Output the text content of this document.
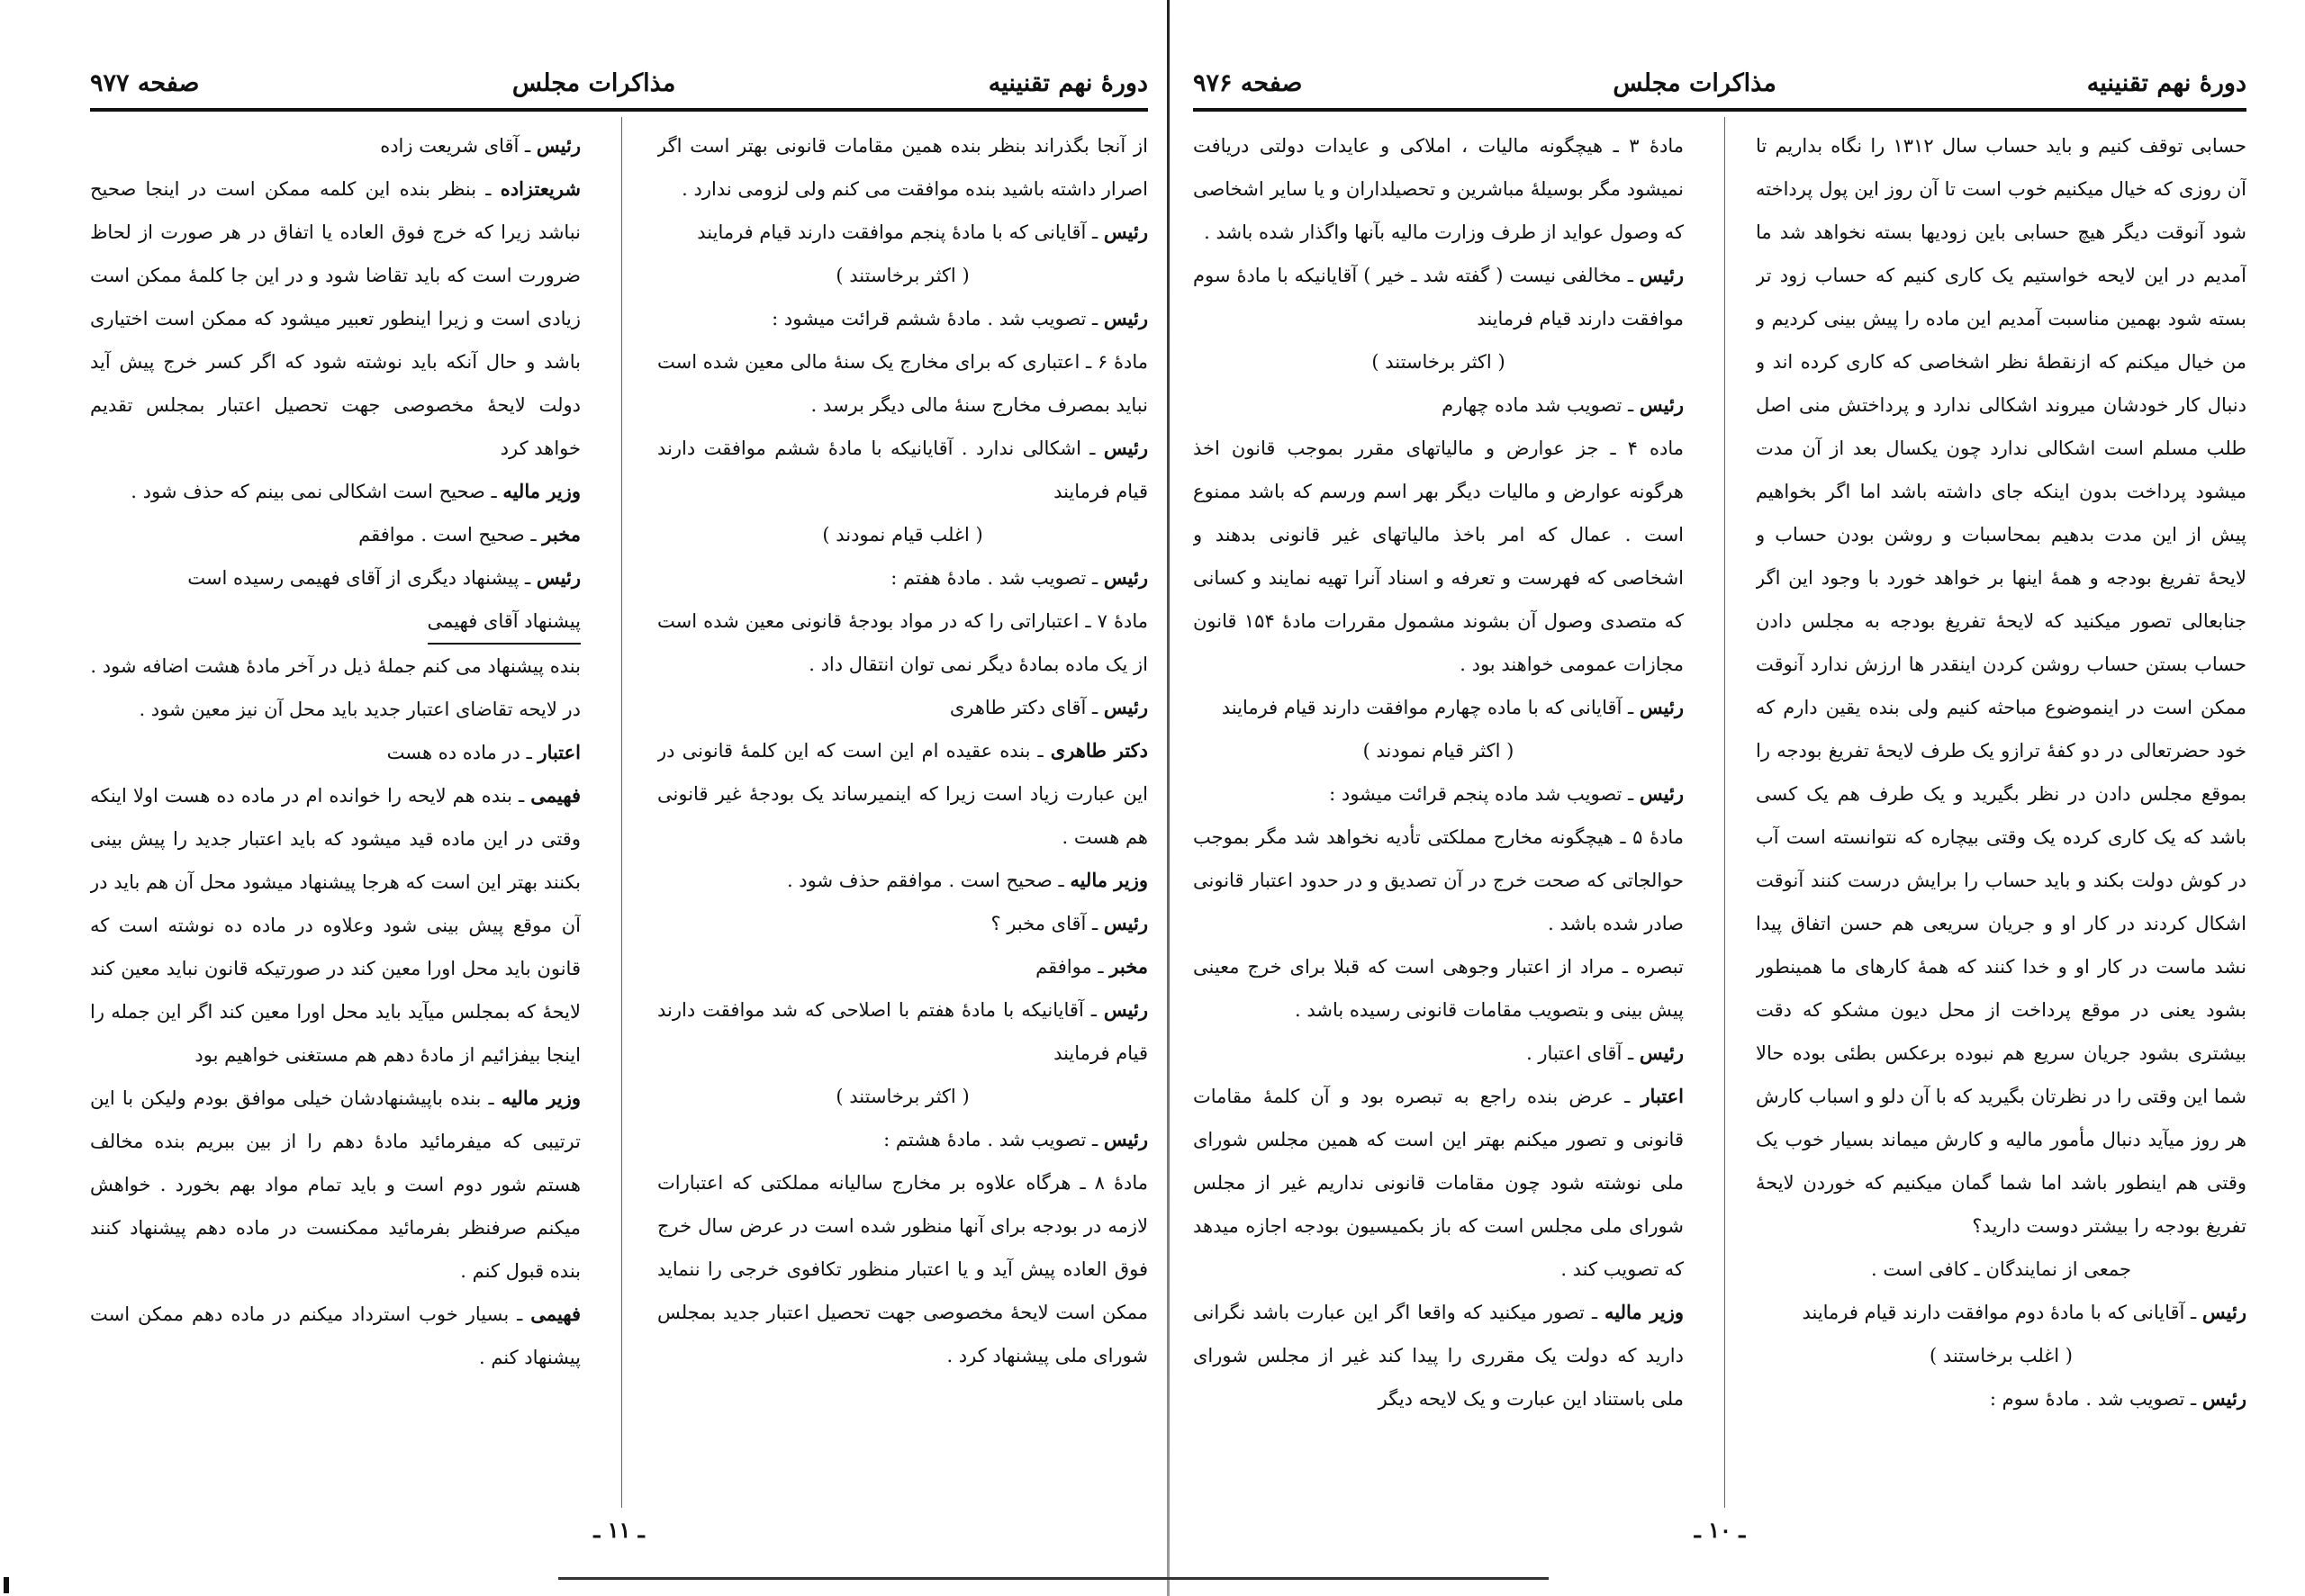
دورهٔ نهم تقنینیه
مذاکرات مجلس
صفحه ۹۷۷

از آنجا بگذراند بنظر بنده همین مقامات قانونی بهتر است اگر اصرار داشته باشید بنده موافقت می کنم ولی لزومی ندارد .

رئیس ـ آقایانی که با مادهٔ پنجم موافقت دارند قیام فرمایند

( اکثر برخاستند )

رئیس ـ تصویب شد . مادهٔ ششم قرائت میشود :

مادهٔ ۶ ـ اعتباری که برای مخارج یک سنهٔ مالی معین شده است نباید بمصرف مخارج سنهٔ مالی دیگر برسد .

رئیس ـ اشکالی ندارد . آقایانیکه با مادهٔ ششم موافقت دارند قیام فرمایند

( اغلب قیام نمودند )

رئیس ـ تصویب شد . مادهٔ هفتم :

مادهٔ ۷ ـ اعتباراتی را که در مواد بودجهٔ قانونی معین شده است از یک ماده بمادهٔ دیگر نمی توان انتقال داد .

رئیس ـ آقای دکتر طاهری

دکتر طاهری ـ بنده عقیده ام این است که این کلمهٔ قانونی در این عبارت زیاد است زیرا که اینمیرساند یک بودجهٔ غیر قانونی هم هست .

وزیر مالیه ـ صحیح است . موافقم حذف شود .

رئیس ـ آقای مخبر ؟

مخبر ـ موافقم

رئیس ـ آقایانیکه با مادهٔ هفتم با اصلاحی که شد موافقت دارند قیام فرمایند

( اکثر برخاستند )

رئیس ـ تصویب شد . مادهٔ هشتم :

مادهٔ ۸ ـ هرگاه علاوه بر مخارج سالیانه مملکتی که اعتبارات لازمه در بودجه برای آنها منظور شده است در عرض سال خرج فوق العاده پیش آید و یا اعتبار منظور تکافوی خرجی را ننماید ممکن است لایحهٔ مخصوصی جهت تحصیل اعتبار جدید بمجلس شورای ملی پیشنهاد کرد .

رئیس ـ آقای شریعت زاده

شریعتزاده ـ بنظر بنده این کلمه ممکن است در اینجا صحیح نباشد زیرا که خرج فوق العاده یا اتفاق در هر صورت از لحاظ ضرورت است که باید تقاضا شود و در این جا کلمهٔ ممکن است زیادی است و زیرا اینطور تعبیر میشود که ممکن است اختیاری باشد و حال آنکه باید نوشته شود که اگر کسر خرج پیش آید دولت لایحهٔ مخصوصی جهت تحصیل اعتبار بمجلس تقدیم خواهد کرد

وزیر مالیه ـ صحیح است اشکالی نمی بینم که حذف شود .

مخبر ـ صحیح است . موافقم

رئیس ـ پیشنهاد دیگری از آقای فهیمی رسیده است

پیشنهاد آقای فهیمی

بنده پیشنهاد می کنم جملهٔ ذیل در آخر مادهٔ هشت اضافه شود .

در لایحه تقاضای اعتبار جدید باید محل آن نیز معین شود .

اعتبار ـ در ماده ده هست

فهیمی ـ بنده هم لایحه را خوانده ام در ماده ده هست اولا اینکه وقتی در این ماده قید میشود که باید اعتبار جدید را پیش بینی بکنند بهتر این است که هرجا پیشنهاد میشود محل آن هم باید در آن موقع پیش بینی شود وعلاوه در ماده ده نوشته است که قانون باید محل اورا معین کند در صورتیکه قانون نباید معین کند لایحهٔ که بمجلس میآید باید محل اورا معین کند اگر این جمله را اینجا بیفزائیم از مادهٔ دهم هم مستغنی خواهیم بود

وزیر مالیه ـ بنده باپیشنهادشان خیلی موافق بودم ولیکن با این ترتیبی که میفرمائید مادهٔ دهم را از بین ببریم بنده مخالف هستم شور دوم است و باید تمام مواد بهم بخورد . خواهش میکنم صرفنظر بفرمائید ممکنست در ماده دهم پیشنهاد کنند بنده قبول کنم .

فهیمی ـ بسیار خوب استرداد میکنم در ماده دهم ممکن است پیشنهاد کنم .

ـ ۱۱ ـ
دورهٔ نهم تقنینیه
مذاکرات مجلس
صفحه ۹۷۶

حسابی توقف کنیم و باید حساب سال ۱۳۱۲ را نگاه بداریم تا آن روزی که خیال میکنیم خوب است تا آن روز این پول پرداخته شود آنوقت دیگر هیچ حسابی باین زودیها بسته نخواهد شد ما آمدیم در این لایحه خواستیم یک کاری کنیم که حساب زود تر بسته شود بهمین مناسبت آمدیم این ماده را پیش بینی کردیم و من خیال میکنم که ازنقطهٔ نظر اشخاصی که کاری کرده اند و دنبال کار خودشان میروند اشکالی ندارد و پرداختش منی اصل طلب مسلم است اشکالی ندارد چون یکسال بعد از آن مدت میشود پرداخت بدون اینکه جای داشته باشد اما اگر بخواهیم پیش از این مدت بدهیم بمحاسبات و روشن بودن حساب و لایحهٔ تفریغ بودجه و همهٔ اینها بر خواهد خورد با وجود این اگر جنابعالی تصور میکنید که لایحهٔ تفریغ بودجه به مجلس دادن حساب بستن حساب روشن کردن اینقدر ها ارزش ندارد آنوقت ممکن است در اینموضوع مباحثه کنیم ولی بنده یقین دارم که خود حضرتعالی در دو کفهٔ ترازو یک طرف لایحهٔ تفریغ بودجه را بموقع مجلس دادن در نظر بگیرید و یک طرف هم یک کسی باشد که یک کاری کرده یک وقتی بیچاره که نتوانسته است آب در کوش دولت بکند و باید حساب را برایش درست کنند آنوقت اشکال کردند در کار او و جریان سریعی هم حسن اتفاق پیدا نشد ماست در کار او و خدا کنند که همهٔ کارهای ما همینطور بشود یعنی در موقع پرداخت از محل دیون مشکو که دقت بیشتری بشود جریان سریع هم نبوده برعکس بطئی بوده حالا شما این وقتی را در نظرتان بگیرید که با آن دلو و اسباب کارش هر روز میآید دنبال مأمور مالیه و کارش میماند بسیار خوب یک وقتی هم اینطور باشد اما شما گمان میکنیم که خوردن لایحهٔ تفریغ بودجه را بیشتر دوست دارید؟

جمعی از نمایندگان ـ کافی است .

رئیس ـ آقایانی که با مادهٔ دوم موافقت دارند قیام فرمایند

( اغلب برخاستند )

رئیس ـ تصویب شد . مادهٔ سوم :

مادهٔ ۳ ـ هیچگونه مالیات ، املاکی و عایدات دولتی دریافت نمیشود مگر بوسیلهٔ مباشرین و تحصیلداران و یا سایر اشخاصی که وصول عواید از طرف وزارت مالیه بآنها واگذار شده باشد .

رئیس ـ مخالفی نیست ( گفته شد ـ خیر ) آقایانیکه با مادهٔ سوم موافقت دارند قیام فرمایند

( اکثر برخاستند )

رئیس ـ تصویب شد ماده چهارم

ماده ۴ ـ جز عوارض و مالیاتهای مقرر بموجب قانون اخذ هرگونه عوارض و مالیات دیگر بهر اسم ورسم که باشد ممنوع است . عمال که امر باخذ مالیاتهای غیر قانونی بدهند و اشخاصی که فهرست و تعرفه و اسناد آنرا تهیه نمایند و کسانی که متصدی وصول آن بشوند مشمول مقررات مادهٔ ۱۵۴ قانون مجازات عمومی خواهند بود .

رئیس ـ آقایانی که با ماده چهارم موافقت دارند قیام فرمایند

( اکثر قیام نمودند )

رئیس ـ تصویب شد ماده پنجم قرائت میشود :

مادهٔ ۵ ـ هیچگونه مخارج مملکتی تأدیه نخواهد شد مگر بموجب حوالجاتی که صحت خرج در آن تصدیق و در حدود اعتبار قانونی صادر شده باشد .

تبصره ـ مراد از اعتبار وجوهی است که قبلا برای خرج معینی پیش بینی و بتصویب مقامات قانونی رسیده باشد .

رئیس ـ آقای اعتبار .

اعتبار ـ عرض بنده راجع به تبصره بود و آن کلمهٔ مقامات قانونی و تصور میکنم بهتر این است که همین مجلس شورای ملی نوشته شود چون مقامات قانونی نداریم غیر از مجلس شورای ملی مجلس است که باز بکمیسیون بودجه اجازه میدهد که تصویب کند .

وزیر مالیه ـ تصور میکنید که واقعا اگر این عبارت باشد نگرانی دارید که دولت یک مقرری را پیدا کند غیر از مجلس شورای ملی باستناد این عبارت و یک لایحه دیگر

ـ ۱۰ ـ
